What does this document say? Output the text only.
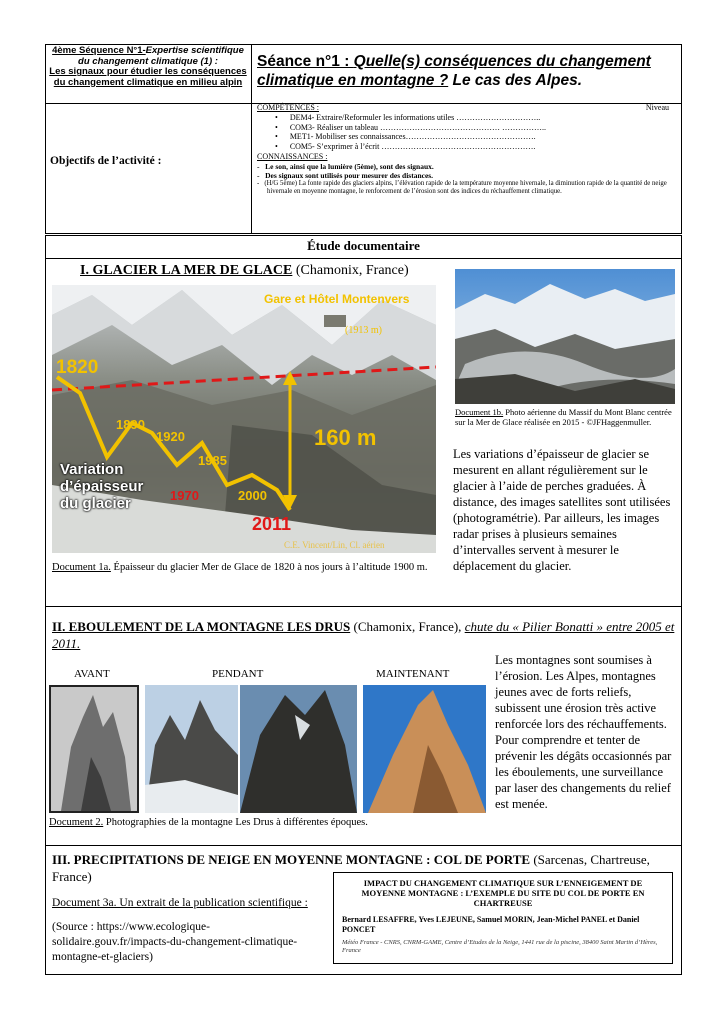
4ème Séquence N°1-Expertise scientifique du changement climatique (1) :
Les signaux pour étudier les conséquences du changement climatique en milieu alpin
Séance n°1 : Quelle(s) conséquences du changement climatique en montagne ? Le cas des Alpes.
Objectifs de l’activité :
COMPÉTENCES :	Niveau
•      DEM4- Extraire/Reformuler les informations utiles …………………………..
•      COM3- Réaliser un tableau ……………………………………… ……………..
•      MET1- Mobiliser ses connaissances………………………………………….
•      COM5- S’exprimer à l’écrit ………………………………………………….
CONNAISSANCES :
-   Le son, ainsi que la lumière (5ème), sont des signaux.
-   Des signaux sont utilisés pour mesurer des distances.
-   (H/G 5ème) La fonte rapide des glaciers alpins, l’élévation rapide de la température moyenne hivernale, la diminution rapide de la quantité de neige hivernale en moyenne montagne, le renforcement de l’érosion sont des indices du réchauffement climatique.
Étude documentaire
I. GLACIER LA MER DE GLACE (Chamonix, France)
Gare et Hôtel Montenvers
(1913 m)
1820
1890
1920
1985
1970	2000
2011
160 m
C.E. Vincent/Lin, Cl. aérien
Variation d’épaisseur du glacier
Document 1a. Épaisseur du glacier Mer de Glace de 1820 à nos jours à l’altitude 1900 m.
Document 1b. Photo aérienne du Massif du Mont Blanc centrée sur la Mer de Glace réalisée en 2015 - ©JFHaggenmuller.
Les variations d’épaisseur de glacier se mesurent en allant régulièrement sur le glacier à l’aide de perches graduées. À distance, des images satellites sont utilisées (photogramétrie). Par ailleurs, les images radar prises à plusieurs semaines d’intervalles servent à mesurer le déplacement du glacier.
II. EBOULEMENT DE LA MONTAGNE LES DRUS (Chamonix, France), chute du « Pilier Bonatti » entre 2005 et 2011.
AVANT	PENDANT	MAINTENANT
Document 2. Photographies de la montagne Les Drus à différentes époques.
Les montagnes sont soumises à l’érosion. Les Alpes, montagnes jeunes avec de forts reliefs, subissent une érosion très active renforcée lors des réchauffements. Pour comprendre et tenter de prévenir les dégâts occasionnés par les éboulements, une surveillance par laser des changements du relief est menée.
III. PRECIPITATIONS DE NEIGE EN MOYENNE MONTAGNE : COL DE PORTE (Sarcenas, Chartreuse, France)
Document 3a. Un extrait de la publication scientifique :
(Source : https://www.ecologique-solidaire.gouv.fr/impacts-du-changement-climatique-montagne-et-glaciers)
IMPACT DU CHANGEMENT CLIMATIQUE SUR L’ENNEIGEMENT DE MOYENNE MONTAGNE : L’EXEMPLE DU SITE DU COL DE PORTE EN CHARTREUSE
Bernard LESAFFRE, Yves LEJEUNE, Samuel MORIN, Jean-Michel PANEL et Daniel PONCET
Météo France - CNRS, CNRM-GAME, Centre d’Etudes de la Neige, 1441 rue de la piscine, 38400 Saint Martin d’Hères, France
